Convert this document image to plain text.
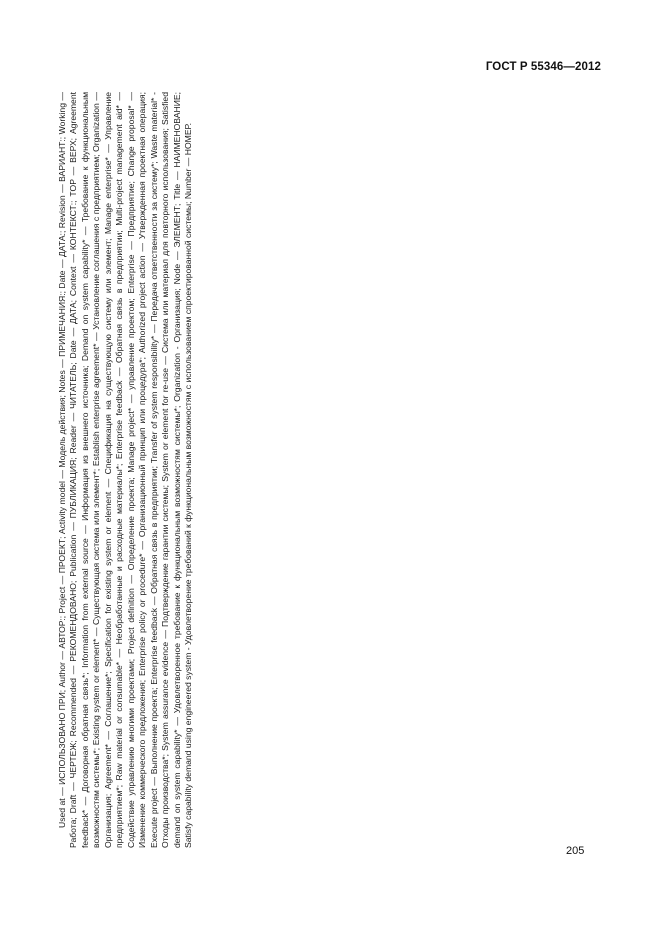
ГОСТ Р 55346—2012

Used at — ИСПОЛЬЗОВАНО ПРИ; Author — АВТОР:; Project — ПРОЕКТ; Activity model — Модель действия; Notes — ПРИМЕЧАНИЯ:; Date — ДАТА:; Revision — ВАРИАНТ:; Working — Работа; Draft — ЧЕРТЕЖ; Recommended — РЕКОМЕНДОВАНО; Publication — ПУБЛИКАЦИЯ; Reader — ЧИТАТЕЛЬ; Date — ДАТА; Context — КОНТЕКСТ:; TOP — ВЕРХ; Agreement feedback* — Договорная обратная связь*; Information from external source — Информация из внешнего источника; Demand on system capability* — Требование к функциональным возможностям системы*; Existing system or element* — Существующая система или элемент*; Establish enterprise agreement* — Установление соглашения с предприятием; Organization — Организация; Agreement* — Соглашение*; Specification for existing system or element — Спецификация на существующую систему или элемент; Manage enterprise* — Управление предприятием*; Raw material or consumable* — Необработанные и расходные материалы*; Enterprise feedback — Обратная связь в предприятии; Multi-project management aid* — Содействие управлению многими проектами; Project definition — Определение проекта; Manage project* — управление проектом; Enterprise — Предприятие; Change proposal* — Изменение коммерческого предложения; Enterprise policy or procedure* — Организационный принцип или процедура*; Authorized project action — Утвержденная проектная операция; Execute project — Выполнение проекта; Enterprise feedback — Обратная связь в предприятии; Transfer of system responsibility* — Передача ответственности за систему*; Waste material* - Отходы производства*; System assurance evidence — Подтверждение гарантии системы; System or element for re-use — Система или материал для повторного использования; Satisfied demand on system capability* — Удовлетворенное требование к функциональным возможностям системы*; Organization - Организация; Node — ЭЛЕМЕНТ; Title — НАИМЕНОВАНИЕ; Satisfy capability demand using engineered system - Удовлетворение требований к функциональным возможностям с использованием спроектированной системы; Number — НОМЕР.

205
